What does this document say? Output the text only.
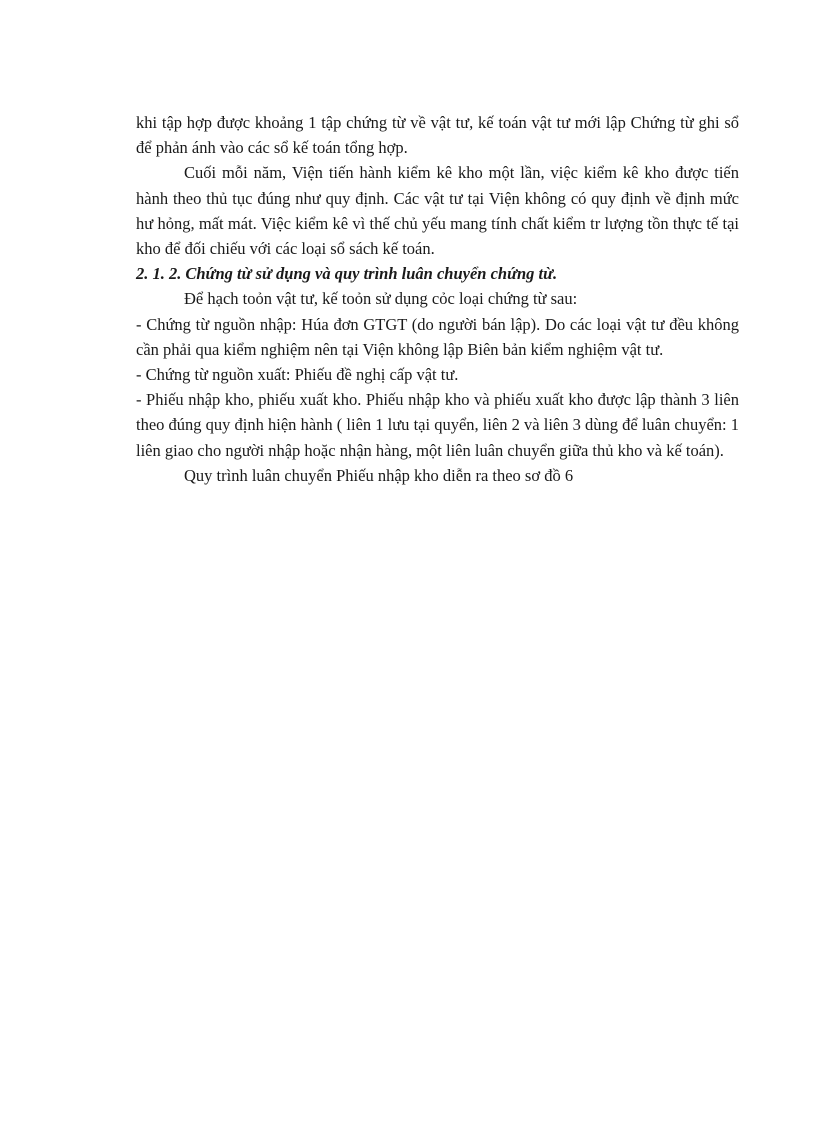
khi tập hợp được khoảng 1 tập chứng từ về vật tư, kế toán vật tư mới lập Chứng từ ghi sổ để phản ánh vào các sổ kế toán tổng hợp.

Cuối mỗi năm, Viện tiến hành kiểm kê kho một lần, việc kiểm kê kho được tiến hành theo thủ tục đúng như quy định. Các vật tư tại Viện không có quy định về định mức hư hỏng, mất mát. Việc kiểm kê vì thế chủ yếu mang tính chất kiểm tr lượng tồn thực tế tại kho để đối chiếu với các loại sổ sách kế toán.

2. 1. 2. Chứng từ sử dụng và quy trình luân chuyển chứng từ.

Để hạch toỏn vật tư, kế toỏn sử dụng cỏc loại chứng từ sau:

- Chứng từ nguồn nhập: Húa đơn GTGT (do người bán lập). Do các loại vật tư đều không cần phải qua kiểm nghiệm nên tại Viện không lập Biên bản kiểm nghiệm vật tư.

- Chứng từ nguồn xuất: Phiếu đề nghị cấp vật tư.

- Phiếu nhập kho, phiếu xuất kho. Phiếu nhập kho và phiếu xuất kho được lập thành 3 liên theo đúng quy định hiện hành ( liên 1 lưu tại quyển, liên 2 và liên 3 dùng để luân chuyển: 1 liên giao cho người nhập hoặc nhận hàng, một liên luân chuyển giữa thủ kho và kế toán).

Quy trình luân chuyển Phiếu nhập kho diễn ra theo sơ đồ 6
